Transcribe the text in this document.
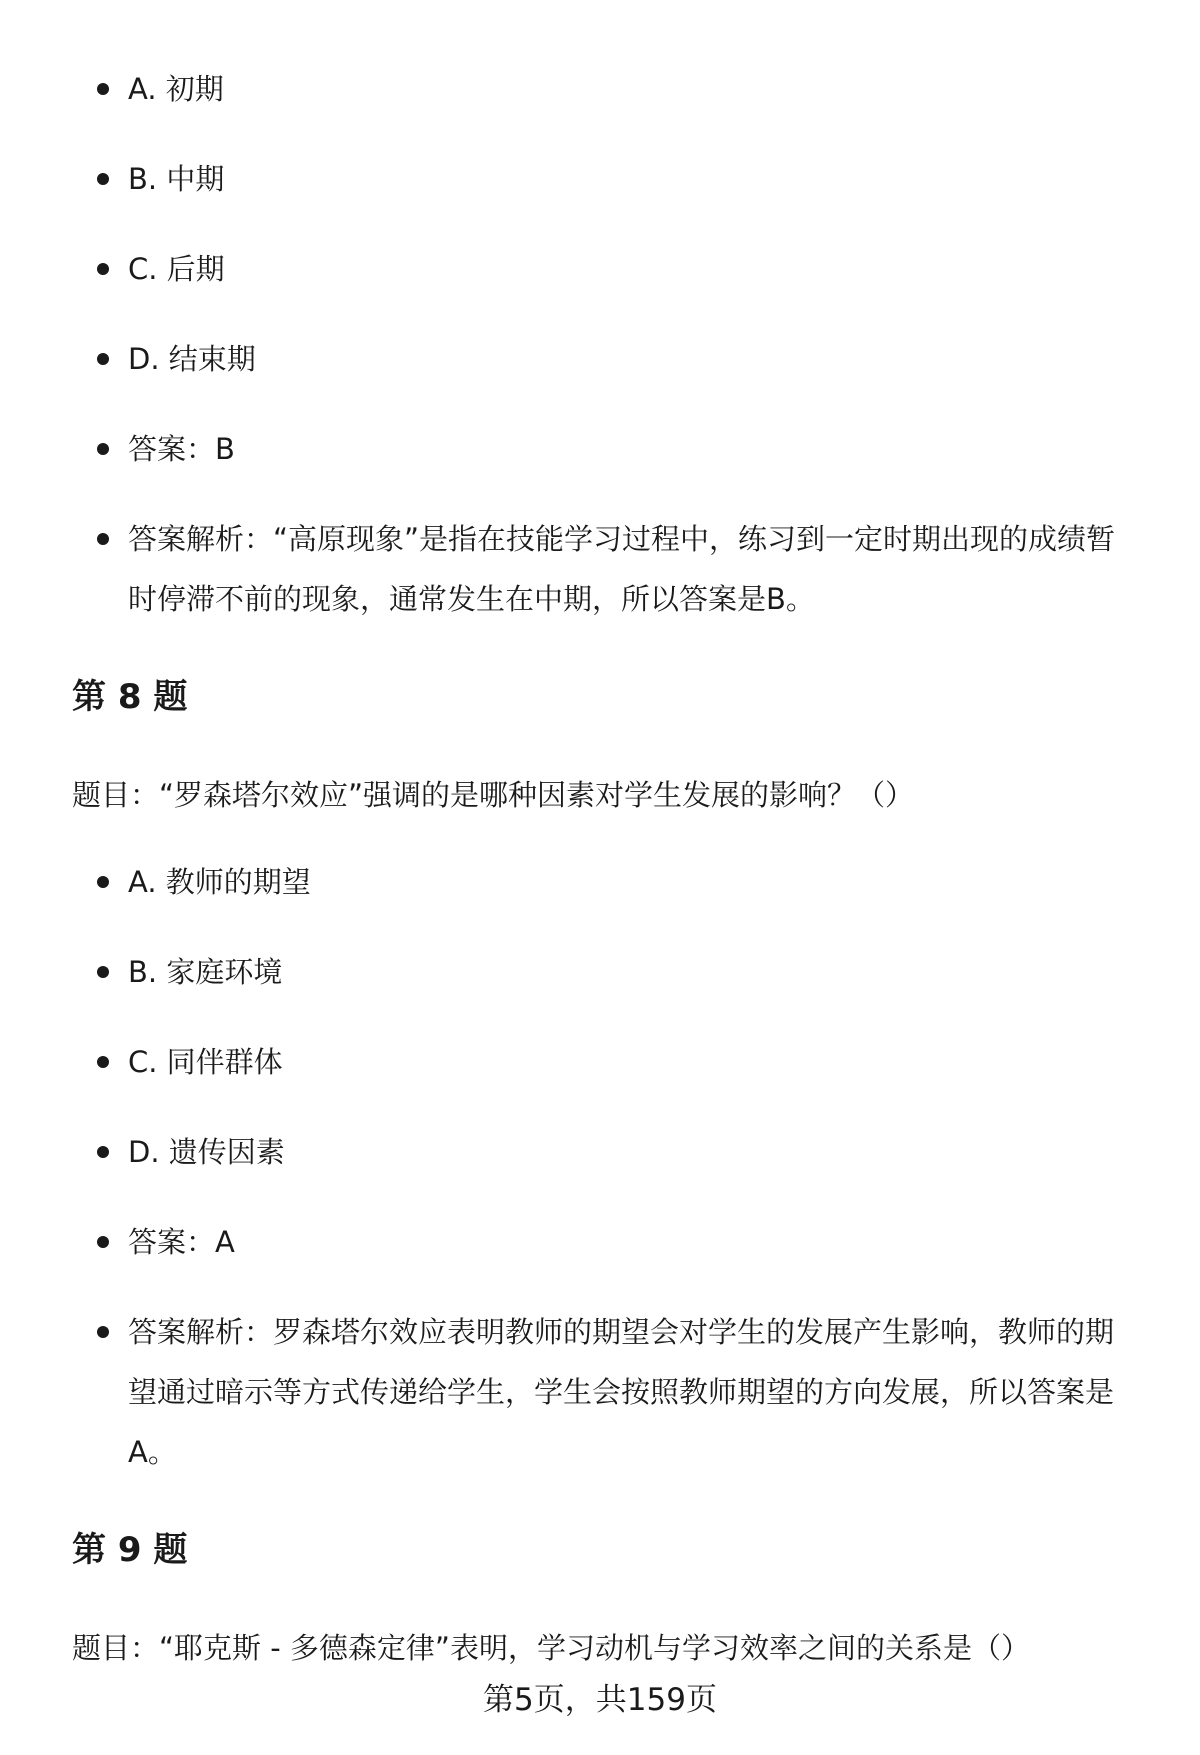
A. 初期
B. 中期
C. 后期
D. 结束期
答案：B
答案解析：“高原现象”是指在技能学习过程中，练习到一定时期出现的成绩暂时停滞不前的现象，通常发生在中期，所以答案是B。
第 8 题

题目：“罗森塔尔效应”强调的是哪种因素对学生发展的影响？（）

A. 教师的期望
B. 家庭环境
C. 同伴群体
D. 遗传因素
答案：A
答案解析：罗森塔尔效应表明教师的期望会对学生的发展产生影响，教师的期望通过暗示等方式传递给学生，学生会按照教师期望的方向发展，所以答案是A。
第 9 题

题目：“耶克斯 - 多德森定律”表明，学习动机与学习效率之间的关系是（）

第5页，共159页
